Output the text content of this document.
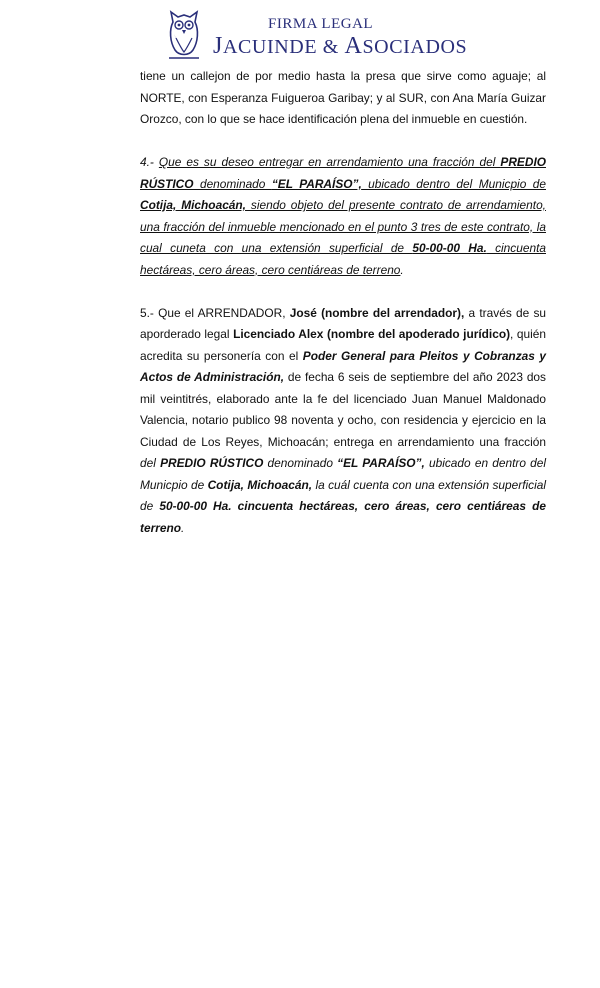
FIRMA LEGAL
JACUINDE & ASOCIADOS

tiene un callejon de por medio hasta la presa que sirve como aguaje; al NORTE, con Esperanza Fuigueroa Garibay; y al SUR, con Ana María Guizar Orozco, con lo que se hace identificación plena del inmueble en cuestión.

4.- Que es su deseo entregar en arrendamiento una fracción del PREDIO RÚSTICO denominado “EL PARAÍSO”, ubicado dentro del Municpio de Cotija, Michoacán, siendo objeto del presente contrato de arrendamiento, una fracción del inmueble mencionado en el punto 3 tres de este contrato, la cual cuneta con una extensión superficial de 50-00-00 Ha. cincuenta hectáreas, cero áreas, cero centiáreas de terreno.

5.- Que el ARRENDADOR, José (nombre del arrendador), a través de su aporderado legal Licenciado Alex (nombre del apoderado jurídico), quién acredita su personería con el Poder General para Pleitos y Cobranzas y Actos de Administración, de fecha 6 seis de septiembre del año 2023 dos mil veintitrés, elaborado ante la fe del licenciado Juan Manuel Maldonado Valencia, notario publico 98 noventa y ocho, con residencia y ejercicio en la Ciudad de Los Reyes, Michoacán; entrega en arrendamiento una fracción del PREDIO RÚSTICO denominado “EL PARAÍSO”, ubicado en dentro del Municpio de Cotija, Michoacán, la cuál cuenta con una extensión superficial de 50-00-00 Ha. cincuenta hectáreas, cero áreas, cero centiáreas de terreno.
